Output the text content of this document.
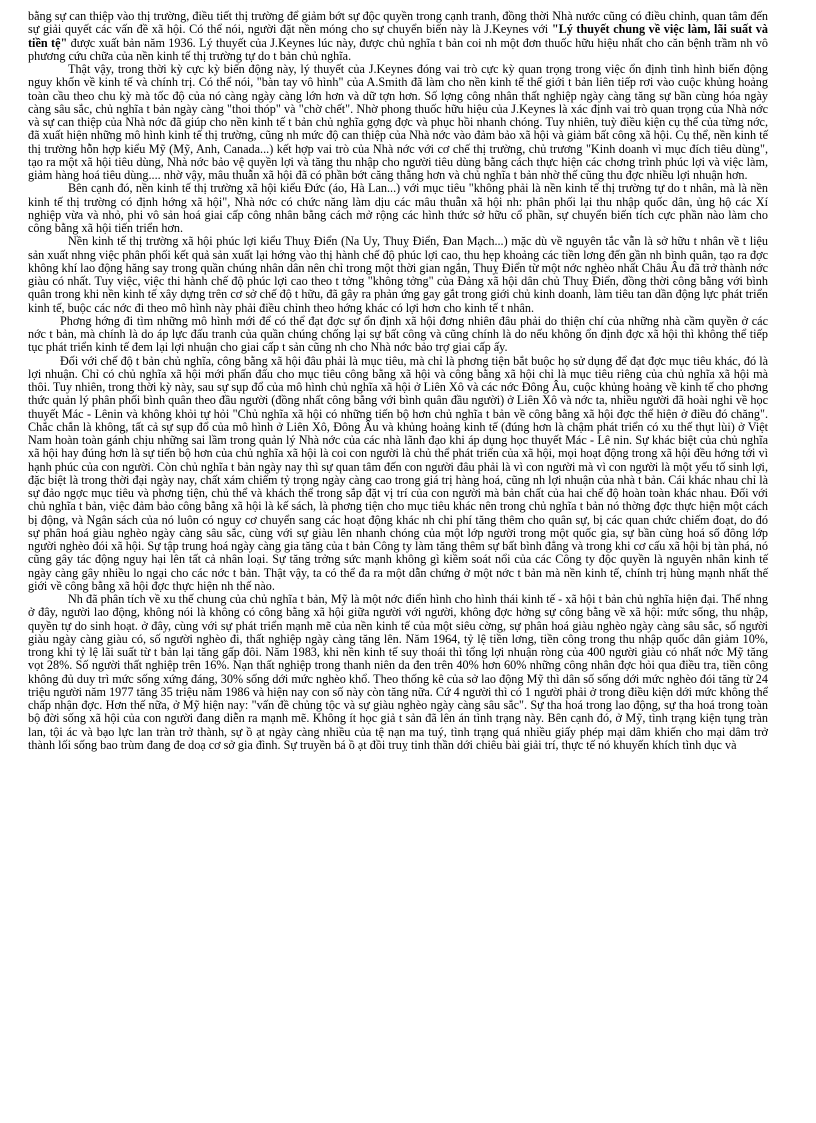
bằng sự can thiệp vào thị trường, điều tiết thị trường để giảm bớt sự độc quyền trong cạnh tranh, đồng thời Nhà nước cũng có điều chỉnh, quan tâm đến sự giải quyết các vấn đề xã hội. Có thể nói, người đặt nền móng cho sự chuyển biến này là J.Keynes với "Lý thuyết chung về việc làm, lãi suất và tiền tệ" được xuất bản năm 1936. Lý thuyết của J.Keynes lúc này, được chủ nghĩa t bản coi nh một đơn thuốc hữu hiệu nhất cho căn bệnh trầm nh vô phương cứu chữa của nền kinh tế thị trường tự do t bản chủ nghĩa.

Thật vậy, trong thời kỳ cực kỳ biến động này, lý thuyết của J.Keynes đóng vai trò cực kỳ quan trọng trong việc ổn định tình hình biến động nguy khốn về kinh tế và chính trị. Có thể nói, "bàn tay vô hình" của A.Smith đã làm cho nền kinh tế thế giới t bản liên tiếp rơi vào cuộc khủng hoảng toàn cầu theo chu kỳ mà tốc độ của nó càng ngày càng lớn hơn và dữ tợn hơn. Số lợng công nhân thất nghiệp ngày càng tăng sự bần cùng hóa ngày càng sâu sắc, chủ nghĩa t bản ngày càng "thoi thóp" và "chờ chết". Nhờ phong thuốc hữu hiệu của J.Keynes là xác định vai trò quan trọng của Nhà nớc và sự can thiệp của Nhà nớc đã giúp cho nền kinh tế t bản chủ nghĩa gợng đợc và phục hồi nhanh chóng. Tuy nhiên, tuỳ điều kiện cụ thể của từng nớc, đã xuất hiện những mô hình kinh tế thị trường, cũng nh mức độ can thiệp của Nhà nớc vào đảm bảo xã hội và giảm bất công xã hội. Cụ thể, nền kinh tế thị trường hỗn hợp kiểu Mỹ (Mỹ, Anh, Canada...) kết hợp vai trò của Nhà nớc với cơ chế thị trường, chủ trương "Kinh doanh vì mục đích tiêu dùng", tạo ra một xã hội tiêu dùng, Nhà nớc bảo vệ quyền lợi và tăng thu nhập cho người tiêu dùng bằng cách thực hiện các chơng trình phúc lợi và việc làm, giảm hàng hoá tiêu dùng.... nhờ vậy, mâu thuẫn xã hội đã có phần bớt căng thẳng hơn và chủ nghĩa t bản nhờ thế cũng thu đợc nhiều lợi nhuận hơn.

Bên cạnh đó, nền kinh tế thị trường xã hội kiểu Đức (áo, Hà Lan...) với mục tiêu "không phải là nền kinh tế thị trường tự do t nhân, mà là nền kinh tế thị trường có định hớng xã hội", Nhà nớc có chức năng làm dịu các mâu thuẫn xã hội nh: phân phối lại thu nhập quốc dân, ủng hộ các Xí nghiệp vừa và nhỏ, phi vô sản hoá giai cấp công nhân bằng cách mở rộng các hình thức sở hữu cổ phần, sự chuyển biến tích cực phần nào làm cho công bằng xã hội tiến triển hơn.

Nền kinh tế thị trường xã hội phúc lợi kiểu Thuỵ Điển (Na Uy, Thuỵ Điển, Đan Mạch...) mặc dù về nguyên tắc vẫn là sở hữu t nhân về t liệu sản xuất nhng việc phân phối kết quả sản xuất lại hớng vào thị hành chế độ phúc lợi cao, thu hẹp khoảng các tiền lơng đến gần nh bình quân, tạo ra đợc không khí lao động hăng say trong quần chúng nhân dân nên chỉ trong một thời gian ngắn, Thuỵ Điển từ một nớc nghèo nhất Châu Âu đã trở thành nớc giàu có nhất. Tuy việc, việc thi hành chế độ phúc lợi cao theo t tởng "không tởng" của Đảng xã hội dân chủ Thuỵ Điển, đồng thời công bằng với bình quân trong khi nền kinh tế xây dựng trên cơ sở chế độ t hữu, đã gây ra phản ứng gay gắt trong giới chủ kinh doanh, làm tiêu tan dần động lực phát triển kinh tế, buộc các nớc đi theo mô hình này phải điều chỉnh theo hớng khác có lợi hơn cho kinh tế t nhân.

Phơng hớng đi tìm những mô hình mới để có thể đạt đợc sự ổn định xã hội đơng nhiên đâu phải do thiện chí của những nhà cầm quyền ở các nớc t bản, mà chính là do áp lực đấu tranh của quần chúng chống lại sự bất công và cũng chính là do nếu không ổn định đợc xã hội thì không thể tiếp tục phát triển kinh tế đem lại lợi nhuận cho giai cấp t sản cũng nh cho Nhà nớc bảo trợ giai cấp ấy.

Đối với chế độ t bản chủ nghĩa, công bằng xã hội đâu phải là mục tiêu, mà chỉ là phơng tiện bắt buộc họ sử dụng để đạt đợc mục tiêu khác, đó là lợi nhuận. Chỉ có chủ nghĩa xã hội mới phấn đấu cho mục tiêu công bằng xã hội và công bằng xã hội chỉ là mục tiêu riêng của chủ nghĩa xã hội mà thôi. Tuy nhiên, trong thời kỳ này, sau sự sụp đổ của mô hình chủ nghĩa xã hội ở Liên Xô và các nớc Đông Âu, cuộc khủng hoảng về kinh tế cho phơng thức quản lý phân phối bình quân theo đầu người (đồng nhất công bằng với bình quân đầu người) ở Liên Xô và nớc ta, nhiều người đã hoài nghi về học thuyết Mác - Lênin và không khỏi tự hỏi "Chủ nghĩa xã hội có những tiến bộ hơn chủ nghĩa t bản về công bằng xã hội đợc thể hiện ở điều đó chăng". Chắc chắn là không, tất cả sự sụp đổ của mô hình ở Liên Xô, Đông Âu và khủng hoảng kinh tế (đúng hơn là chậm phát triển có xu thế thụt lùi) ở Việt Nam hoàn toàn gánh chịu những sai lầm trong quản lý Nhà nớc của các nhà lãnh đạo khi áp dụng học thuyết Mác - Lê nin. Sự khác biệt của chủ nghĩa xã hội hay đúng hơn là sự tiến bộ hơn của chủ nghĩa xã hội là coi con người là chủ thể phát triển của xã hội, mọi hoạt động trong xã hội đều hớng tới vì hạnh phúc của con người. Còn chủ nghĩa t bản ngày nay thì sự quan tâm đến con người đâu phải là vì con người mà vì con người là một yếu tố sinh lợi, đặc biệt là trong thời đại ngày nay, chất xám chiếm tỷ trọng ngày càng cao trong giá trị hàng hoá, cũng nh lợi nhuận của nhà t bản. Cái khác nhau chỉ là sự đảo ngợc mục tiêu và phơng tiện, chủ thể và khách thể trong sắp đặt vị trí của con người mà bản chất của hai chế độ hoàn toàn khác nhau. Đối với chủ nghĩa t bản, việc đảm bảo công bằng xã hội là kế sách, là phơng tiện cho mục tiêu khác nên trong chủ nghĩa t bản nó thờng đợc thực hiện một cách bị động, và Ngân sách của nó luôn có nguy cơ chuyển sang các hoạt động khác nh chi phí tăng thêm cho quân sự, bị các quan chức chiếm đoạt, do đó sự phân hoá giàu nghèo ngày càng sâu sắc, cùng với sự giàu lên nhanh chóng của một lớp người trong một quốc gia, sự bần cùng hoá số đông lớp người nghèo đói xã hội. Sự tập trung hoá ngày càng gia tăng của t bản Công ty làm tăng thêm sự bất bình đẳng và trong khi cơ cấu xã hội bị tàn phá, nó cũng gây tác động nguy hại lên tất cả nhân loại. Sự tăng trởng sức mạnh không gì kiềm soát nổi của các Công ty độc quyền là nguyên nhân kinh tế ngày càng gây nhiều lo ngại cho các nớc t bản. Thật vậy, ta có thể đa ra một dẫn chứng ở một nớc t bản mà nền kinh tế, chính trị hùng mạnh nhất thế giới về công bằng xã hội đợc thực hiện nh thế nào.

Nh đã phân tích về xu thế chung của chủ nghĩa t bản, Mỹ là một nớc điển hình cho hình thái kinh tế - xã hội t bản chủ nghĩa hiện đại. Thế nhng ở đây, người lao động, không nói là không có công bằng xã hội giữa người với người, không đợc hởng sự công bằng về xã hội: mức sống, thu nhập, quyền tự do sinh hoạt. ở đây, cùng với sự phát triển mạnh mẽ của nền kinh tế của một siêu cờng, sự phân hoá giàu nghèo ngày càng sâu sắc, số người giàu ngày càng giàu có, số người nghèo đi, thất nghiệp ngày càng tăng lên. Năm 1964, tỷ lệ tiền lơng, tiền công trong thu nhập quốc dân giảm 10%, trong khi tỷ lệ lãi suất từ t bản lại tăng gấp đôi. Năm 1983, khi nền kinh tế suy thoái thì tổng lợi nhuận ròng của 400 người giàu có nhất nớc Mỹ tăng vọt 28%. Số người thất nghiệp trên 16%. Nạn thất nghiệp trong thanh niên da đen trên 40% hơn 60% những công nhân đợc hỏi qua điều tra, tiền công không đủ duy trì mức sống xứng đáng, 30% sống dới mức nghèo khổ. Theo thống kê của sở lao động Mỹ thì dân số sống dới mức nghèo đói tăng từ 24 triệu người năm 1977 tăng 35 triệu năm 1986 và hiện nay con số này còn tăng nữa. Cứ 4 người thì có 1 người phải ở trong điều kiện dới mức không thể chấp nhận đợc. Hơn thế nữa, ở Mỹ hiện nay: "vấn đề chủng tộc và sự giàu nghèo ngày càng sâu sắc". Sự tha hoá trong lao động, sự tha hoá trong toàn bộ đời sống xã hội của con người đang diễn ra mạnh mẽ. Không ít học giả t sản đã lên án tình trạng này. Bên cạnh đó, ở Mỹ, tình trạng kiện tụng tràn lan, tội ác và bạo lực lan tràn trở thành, sự ồ ạt ngày càng nhiều của tệ nạn ma tuý, tình trạng quá nhiều giấy phép mại dâm khiến cho mại dâm trở thành lối sống bao trùm đang đe doạ cơ sở gia đình. Sự truyền bá ồ ạt đồi truỵ tinh thần dới chiêu bài giải trí, thực tế nó khuyến khích tình dục và
